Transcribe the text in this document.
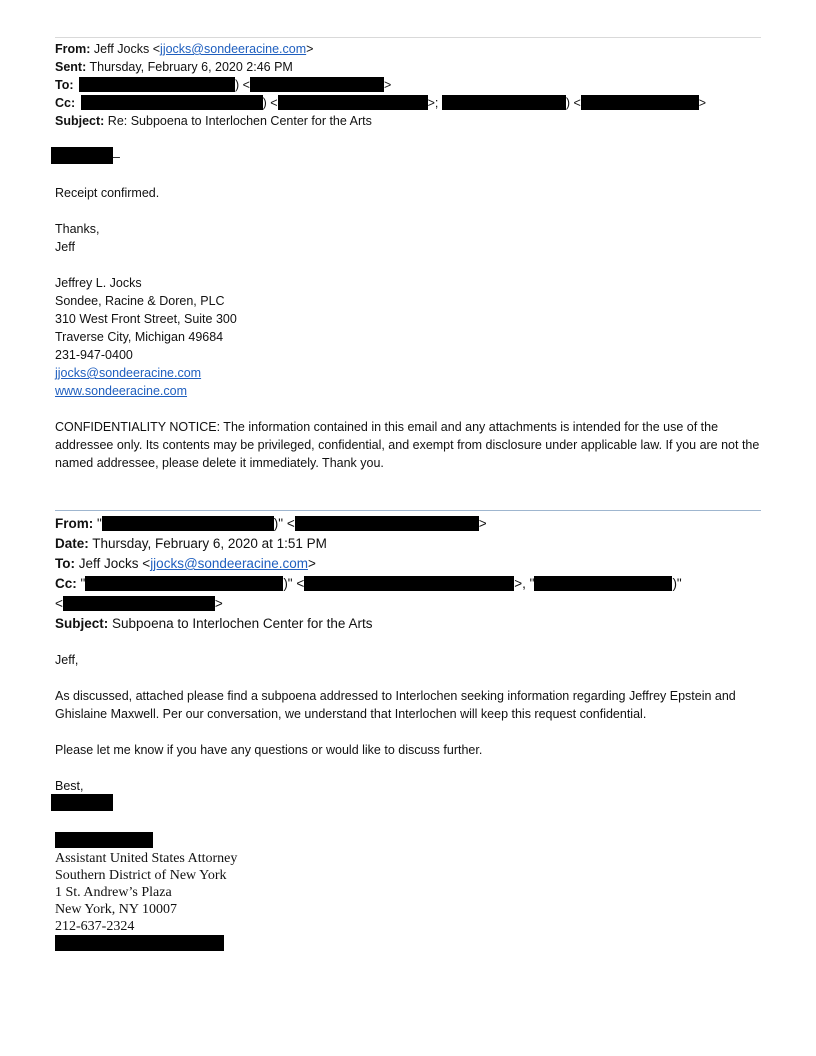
From: Jeff Jocks <jjocks@sondeeracine.com>
Sent: Thursday, February 6, 2020 2:46 PM
To:	) <	>
Cc:	) <	>;	) <	>
Subject: Re: Subpoena to Interlochen Center for the Arts
–
Receipt confirmed.
Thanks,
Jeff
Jeffrey L. Jocks
Sondee, Racine & Doren, PLC
310 West Front Street, Suite 300
Traverse City, Michigan 49684
231-947-0400
jjocks@sondeeracine.com
www.sondeeracine.com
CONFIDENTIALITY NOTICE: The information contained in this email and any attachments is intended for the use of the addressee only. Its contents may be privileged, confidential, and exempt from disclosure under applicable law. If you are not the named addressee, please delete it immediately. Thank you.
From: "	)" <	>
Date: Thursday, February 6, 2020 at 1:51 PM
To: Jeff Jocks <jjocks@sondeeracine.com>
Cc: "	)" <	>, "	)"
<	>
Subject: Subpoena to Interlochen Center for the Arts
Jeff,
As discussed, attached please find a subpoena addressed to Interlochen seeking information regarding Jeffrey Epstein and Ghislaine Maxwell. Per our conversation, we understand that Interlochen will keep this request confidential.
Please let me know if you have any questions or would like to discuss further.
Best,
Assistant United States Attorney
Southern District of New York
1 St. Andrew’s Plaza
New York, NY 10007
212-637-2324
